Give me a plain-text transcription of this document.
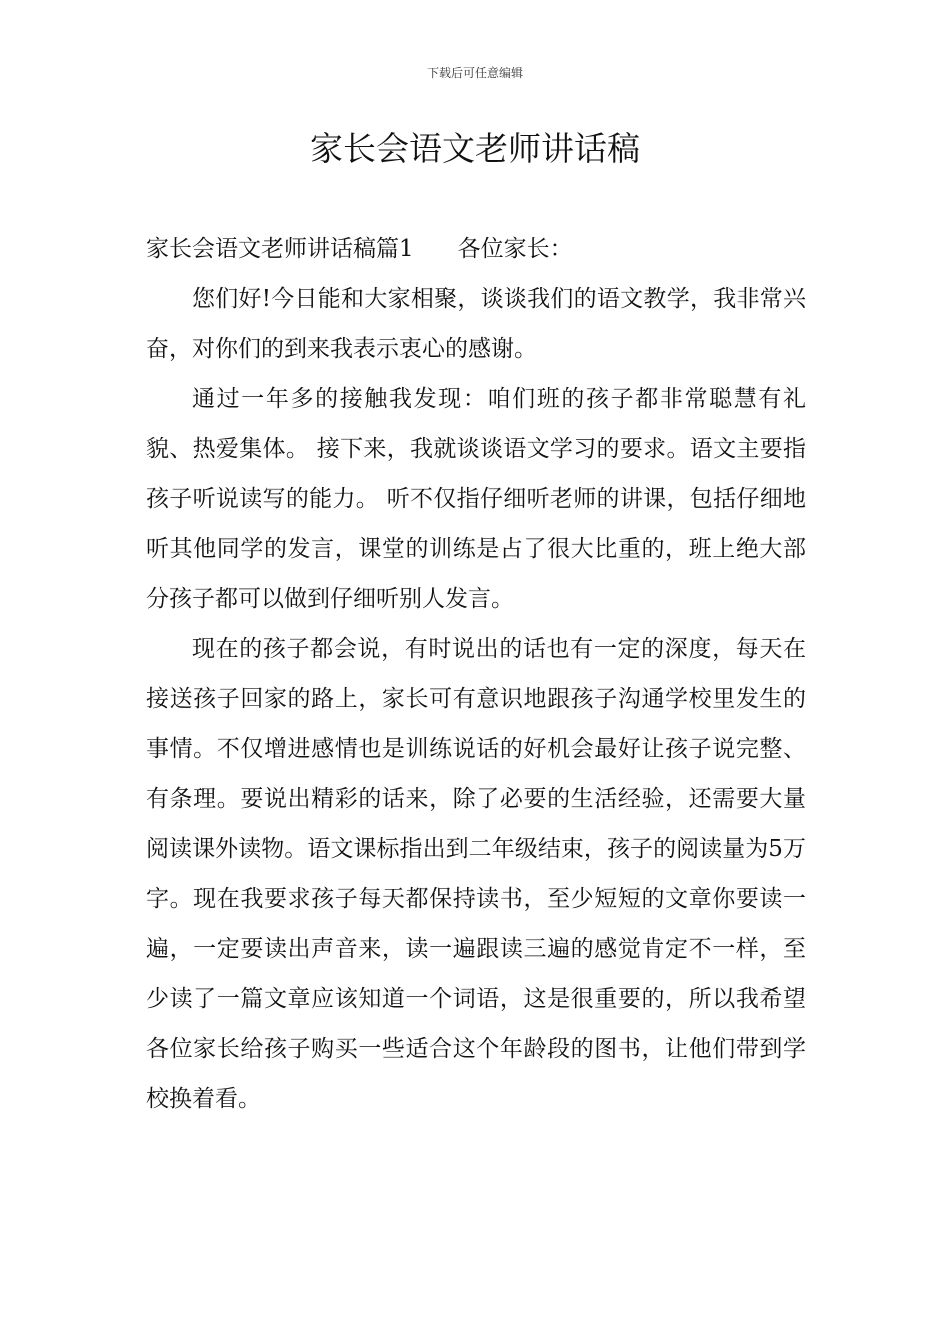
下载后可任意编辑
家长会语文老师讲话稿

家长会语文老师讲话稿篇1 各位家长：

您们好!今日能和大家相聚，谈谈我们的语文教学，我非常兴奋，对你们的到来我表示衷心的感谢。

通过一年多的接触我发现：咱们班的孩子都非常聪慧有礼貌、热爱集体。 接下来，我就谈谈语文学习的要求。语文主要指孩子听说读写的能力。 听不仅指仔细听老师的讲课，包括仔细地听其他同学的发言，课堂的训练是占了很大比重的，班上绝大部分孩子都可以做到仔细听别人发言。

现在的孩子都会说，有时说出的话也有一定的深度，每天在接送孩子回家的路上，家长可有意识地跟孩子沟通学校里发生的事情。不仅增进感情也是训练说话的好机会最好让孩子说完整、有条理。要说出精彩的话来，除了必要的生活经验，还需要大量阅读课外读物。语文课标指出到二年级结束，孩子的阅读量为5万字。现在我要求孩子每天都保持读书，至少短短的文章你要读一遍，一定要读出声音来，读一遍跟读三遍的感觉肯定不一样，至少读了一篇文章应该知道一个词语，这是很重要的，所以我希望各位家长给孩子购买一些适合这个年龄段的图书，让他们带到学校换着看。
